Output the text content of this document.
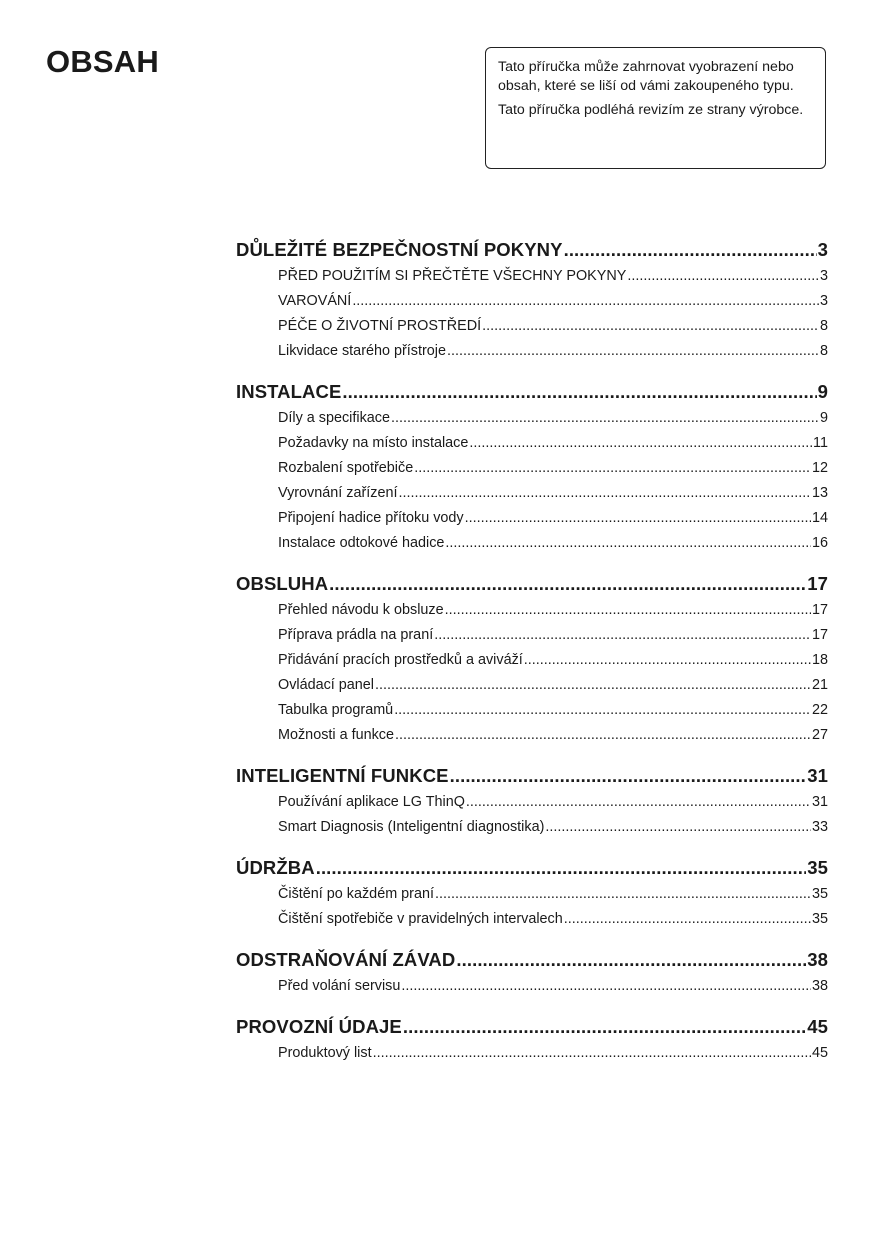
OBSAH	Tato příručka může zahrnovat vyobrazení nebo obsah, které se liší od vámi zakoupeného typu.

Tato příručka podléhá revizím ze strany výrobce.

DŮLEŽITÉ BEZPEČNOSTNÍ POKYNY .....	3
PŘED POUŽITÍM SI PŘEČTĚTE VŠECHNY POKYNY .....	3
VAROVÁNÍ .....	3
PÉČE O ŽIVOTNÍ PROSTŘEDÍ .....	8
Likvidace starého přístroje .....	8
INSTALACE .....	9
Díly a specifikace .....	9
Požadavky na místo instalace .....	11
Rozbalení spotřebiče .....	12
Vyrovnání zařízení .....	13
Připojení hadice přítoku vody .....	14
Instalace odtokové hadice .....	16
OBSLUHA .....	17
Přehled návodu k obsluze .....	17
Příprava prádla na praní .....	17
Přidávání pracích prostředků a aviváží .....	18
Ovládací panel .....	21
Tabulka programů .....	22
Možnosti a funkce .....	27
INTELIGENTNÍ FUNKCE .....	31
Používání aplikace LG ThinQ .....	31
Smart Diagnosis (Inteligentní diagnostika) .....	33
ÚDRŽBA .....	35
Čištění po každém praní .....	35
Čištění spotřebiče v pravidelných intervalech .....	35
ODSTRAŇOVÁNÍ ZÁVAD .....	38
Před volání servisu .....	38
PROVOZNÍ ÚDAJE .....	45
Produktový list .....	45
